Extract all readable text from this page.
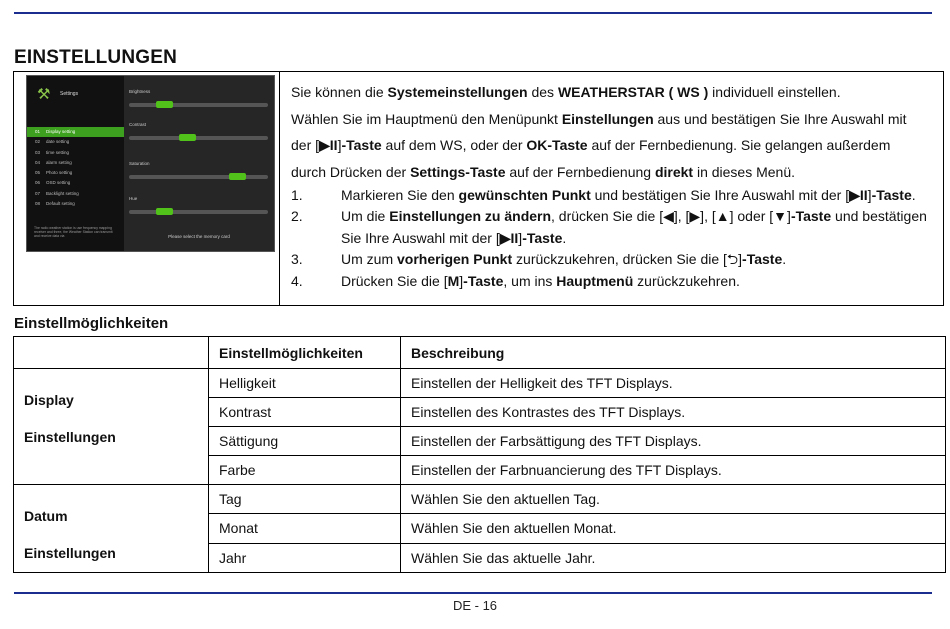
EINSTELLUNGEN
⚒ Settings
01 Display setting
02 date setting
03 time setting
04 alarm setting
05 Photo setting
06 OSD setting
07 Backlight setting
08 Default setting
The radio weather station is use frequency mapping receiver and three, the Weather Station can transmit and receive data via	Please select the memory card
Brightness
Contrast
Saturation
Hue

Sie können die Systemeinstellungen des WEATHERSTAR ( WS ) individuell einstellen.

Wählen Sie im Hauptmenü den Menüpunkt Einstellungen aus und bestätigen Sie Ihre Auswahl mit

der [▶II]-Taste auf dem WS, oder der OK-Taste auf der Fernbedienung. Sie gelangen außerdem

durch Drücken der Settings-Taste auf der Fernbedienung direkt in dieses Menü.

1.	Markieren Sie den gewünschten Punkt und bestätigen Sie Ihre Auswahl mit der [▶II]-Taste.
2.	Um die Einstellungen zu ändern, drücken Sie die [◀], [▶], [▲] oder [▼]-Taste und bestätigen Sie Ihre Auswahl mit der [▶II]-Taste.
3.	Um zum vorherigen Punkt zurückzukehren, drücken Sie die [⮌]-Taste.
4.	Drücken Sie die [M]-Taste, um ins Hauptmenü zurückzukehren.
Einstellmöglichkeiten
	Einstellmöglichkeiten	Beschreibung

Display
Einstellungen	Helligkeit	Einstellen der Helligkeit des TFT Displays.
	Kontrast	Einstellen des Kontrastes des TFT Displays.
	Sättigung	Einstellen der Farbsättigung des TFT Displays.
	Farbe	Einstellen der Farbnuancierung des TFT Displays.

Datum
Einstellungen	Tag	Wählen Sie den aktuellen Tag.
	Monat	Wählen Sie den aktuellen Monat.
	Jahr	Wählen Sie das aktuelle Jahr.
DE - 16
